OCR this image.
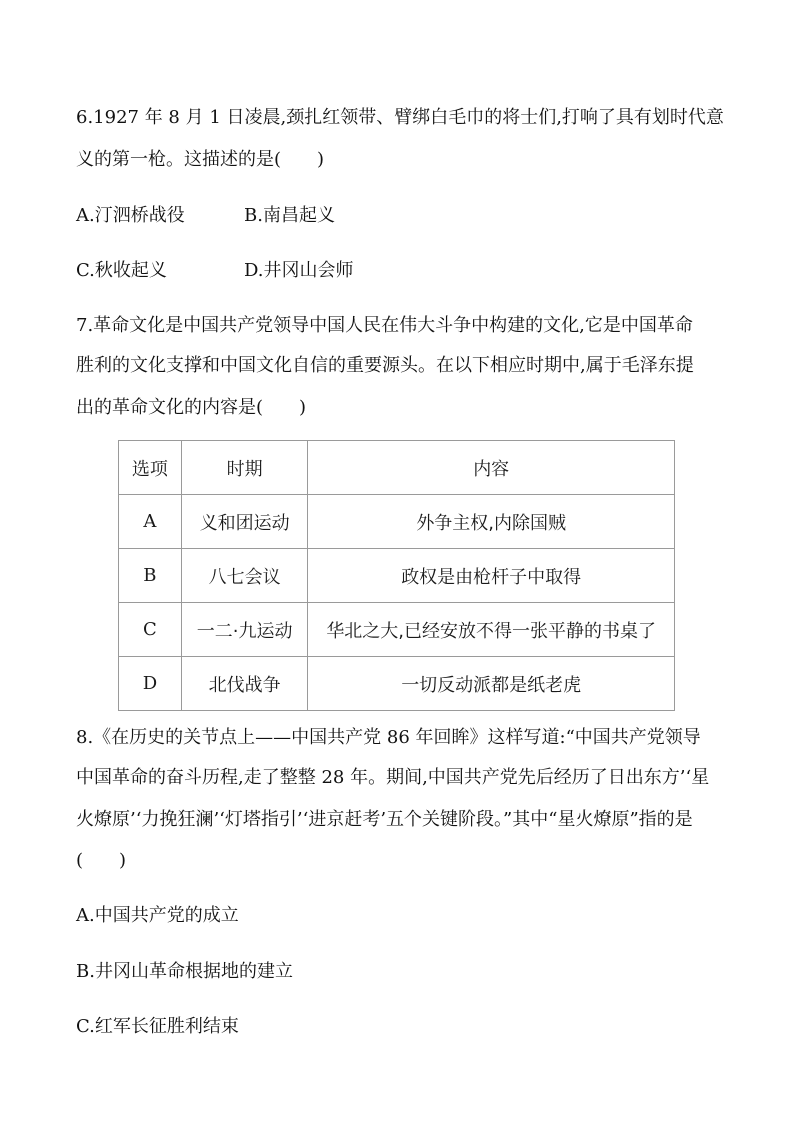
6.1927 年 8 月 1 日凌晨,颈扎红领带、臂绑白毛巾的将士们,打响了具有划时代意
义的第一枪。这描述的是(　　)
A.汀泗桥战役	B.南昌起义
C.秋收起义	D.井冈山会师
7.革命文化是中国共产党领导中国人民在伟大斗争中构建的文化,它是中国革命
胜利的文化支撑和中国文化自信的重要源头。在以下相应时期中,属于毛泽东提
出的革命文化的内容是(　　)
选项	时期	内容
A	义和团运动	外争主权,内除国贼
B	八七会议	政权是由枪杆子中取得
C	一二·九运动	华北之大,已经安放不得一张平静的书桌了
D	北伐战争	一切反动派都是纸老虎
8.《在历史的关节点上——中国共产党 86 年回眸》这样写道:“中国共产党领导
中国革命的奋斗历程,走了整整 28 年。期间,中国共产党先后经历了日出东方’‘星
火燎原’‘力挽狂澜’‘灯塔指引’‘进京赶考’五个关键阶段。”其中“星火燎原”指的是
(　　)
A.中国共产党的成立
B.井冈山革命根据地的建立
C.红军长征胜利结束
